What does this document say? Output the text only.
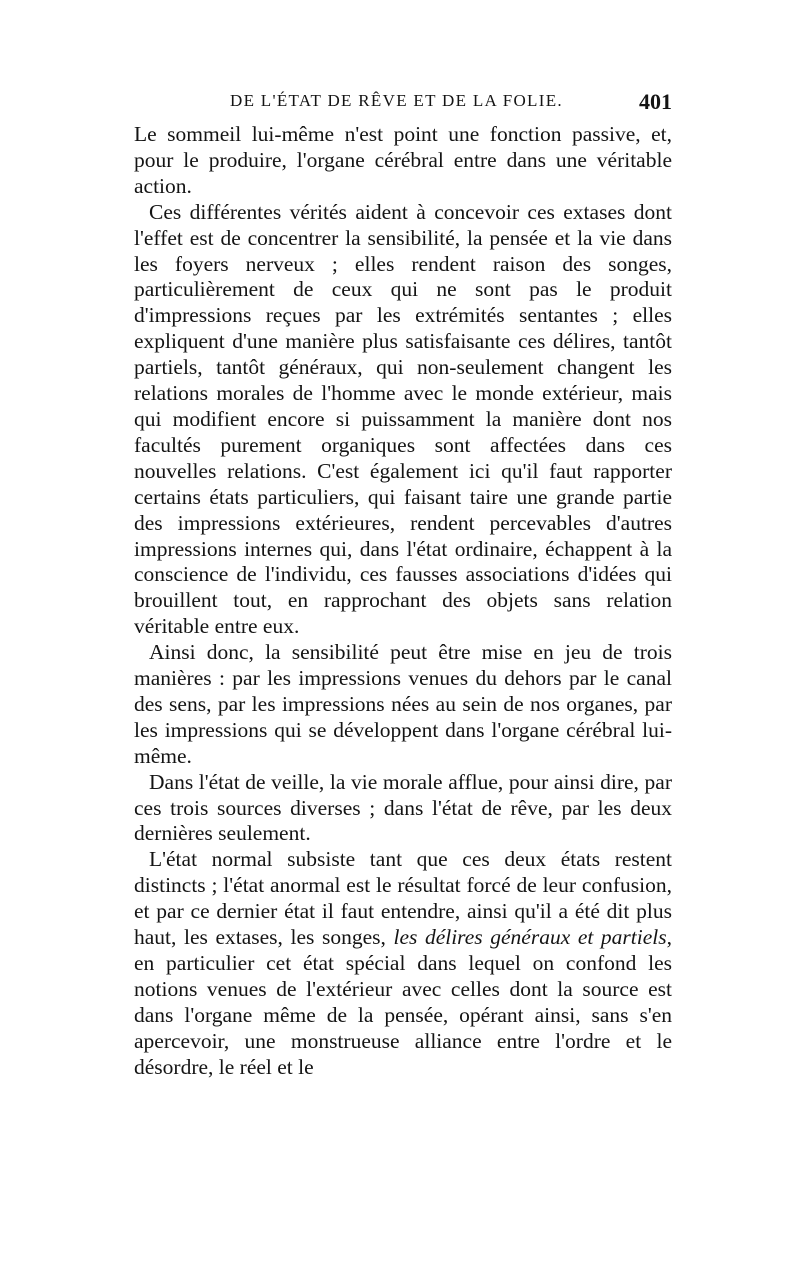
DE L'ÉTAT DE RÊVE ET DE LA FOLIE.	401

Le sommeil lui-même n'est point une fonction passive, et, pour le produire, l'organe cérébral entre dans une véritable action.

Ces différentes vérités aident à concevoir ces extases dont l'effet est de concentrer la sensibilité, la pensée et la vie dans les foyers nerveux ; elles rendent raison des songes, particulièrement de ceux qui ne sont pas le produit d'impressions reçues par les extrémités sentantes ; elles expliquent d'une manière plus satisfaisante ces délires, tantôt partiels, tantôt généraux, qui non-seulement changent les relations morales de l'homme avec le monde extérieur, mais qui modifient encore si puissamment la manière dont nos facultés purement organiques sont affectées dans ces nouvelles relations. C'est également ici qu'il faut rapporter certains états particuliers, qui faisant taire une grande partie des impressions extérieures, rendent percevables d'autres impressions internes qui, dans l'état ordinaire, échappent à la conscience de l'individu, ces fausses associations d'idées qui brouillent tout, en rapprochant des objets sans relation véritable entre eux.

Ainsi donc, la sensibilité peut être mise en jeu de trois manières : par les impressions venues du dehors par le canal des sens, par les impressions nées au sein de nos organes, par les impressions qui se développent dans l'organe cérébral lui-même.

Dans l'état de veille, la vie morale afflue, pour ainsi dire, par ces trois sources diverses ; dans l'état de rêve, par les deux dernières seulement.

L'état normal subsiste tant que ces deux états restent distincts ; l'état anormal est le résultat forcé de leur confusion, et par ce dernier état il faut entendre, ainsi qu'il a été dit plus haut, les extases, les songes, les délires généraux et partiels, en particulier cet état spécial dans lequel on confond les notions venues de l'extérieur avec celles dont la source est dans l'organe même de la pensée, opérant ainsi, sans s'en apercevoir, une monstrueuse alliance entre l'ordre et le désordre, le réel et le
